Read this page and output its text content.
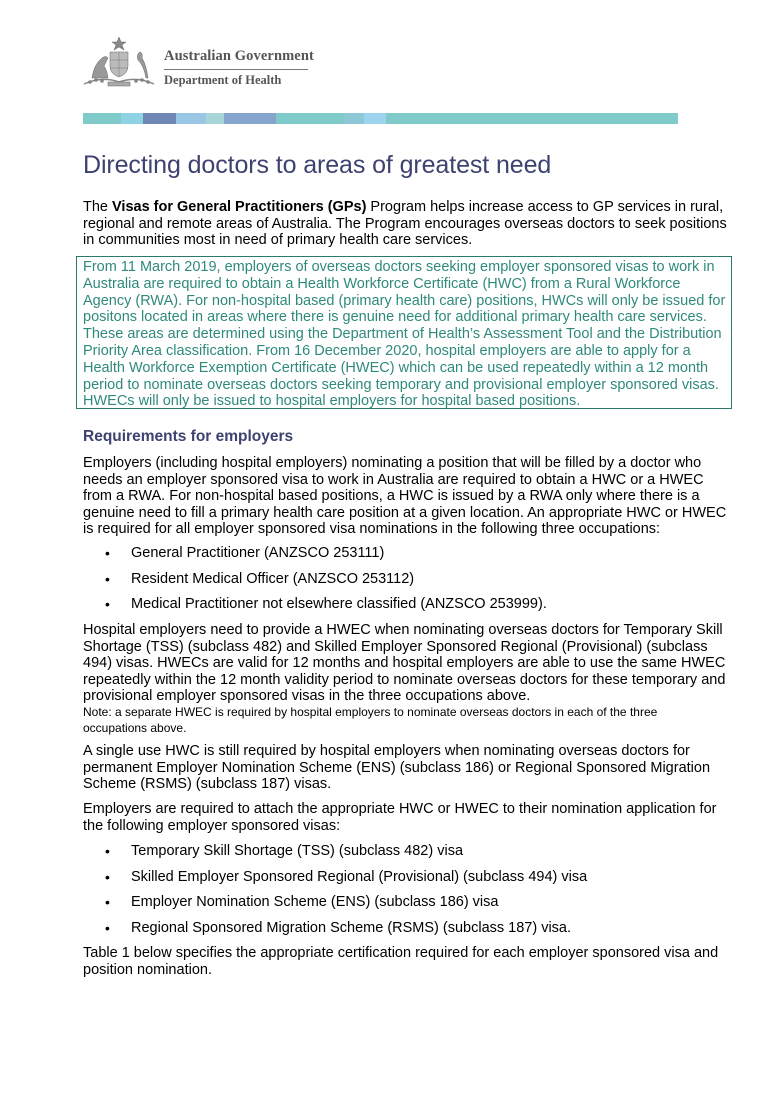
Australian Government
Department of Health
Directing doctors to areas of greatest need

The Visas for General Practitioners (GPs) Program helps increase access to GP services in rural, regional and remote areas of Australia. The Program encourages overseas doctors to seek positions in communities most in need of primary health care services.

From 11 March 2019, employers of overseas doctors seeking employer sponsored visas to work in Australia are required to obtain a Health Workforce Certificate (HWC) from a Rural Workforce Agency (RWA). For non-hospital based (primary health care) positions, HWCs will only be issued for positons located in areas where there is genuine need for additional primary health care services. These areas are determined using the Department of Health’s Assessment Tool and the Distribution Priority Area classification. From 16 December 2020, hospital employers are able to apply for a Health Workforce Exemption Certificate (HWEC) which can be used repeatedly within a 12 month period to nominate overseas doctors seeking temporary and provisional employer sponsored visas. HWECs will only be issued to hospital employers for hospital based positions.

Requirements for employers

Employers (including hospital employers) nominating a position that will be filled by a doctor who needs an employer sponsored visa to work in Australia are required to obtain a HWC or a HWEC from a RWA. For non-hospital based positions, a HWC is issued by a RWA only where there is a genuine need to fill a primary health care position at a given location. An appropriate HWC or HWEC is required for all employer sponsored visa nominations in the following three occupations:

• General Practitioner (ANZSCO 253111)
• Resident Medical Officer (ANZSCO 253112)
• Medical Practitioner not elsewhere classified (ANZSCO 253999).

Hospital employers need to provide a HWEC when nominating overseas doctors for Temporary Skill Shortage (TSS) (subclass 482) and Skilled Employer Sponsored Regional (Provisional) (subclass 494) visas. HWECs are valid for 12 months and hospital employers are able to use the same HWEC repeatedly within the 12 month validity period to nominate overseas doctors for these temporary and provisional employer sponsored visas in the three occupations above.

Note: a separate HWEC is required by hospital employers to nominate overseas doctors in each of the three occupations above.

A single use HWC is still required by hospital employers when nominating overseas doctors for permanent Employer Nomination Scheme (ENS) (subclass 186) or Regional Sponsored Migration Scheme (RSMS) (subclass 187) visas.

Employers are required to attach the appropriate HWC or HWEC to their nomination application for the following employer sponsored visas:

• Temporary Skill Shortage (TSS) (subclass 482) visa
• Skilled Employer Sponsored Regional (Provisional) (subclass 494) visa
• Employer Nomination Scheme (ENS) (subclass 186) visa
• Regional Sponsored Migration Scheme (RSMS) (subclass 187) visa.

Table 1 below specifies the appropriate certification required for each employer sponsored visa and position nomination.
